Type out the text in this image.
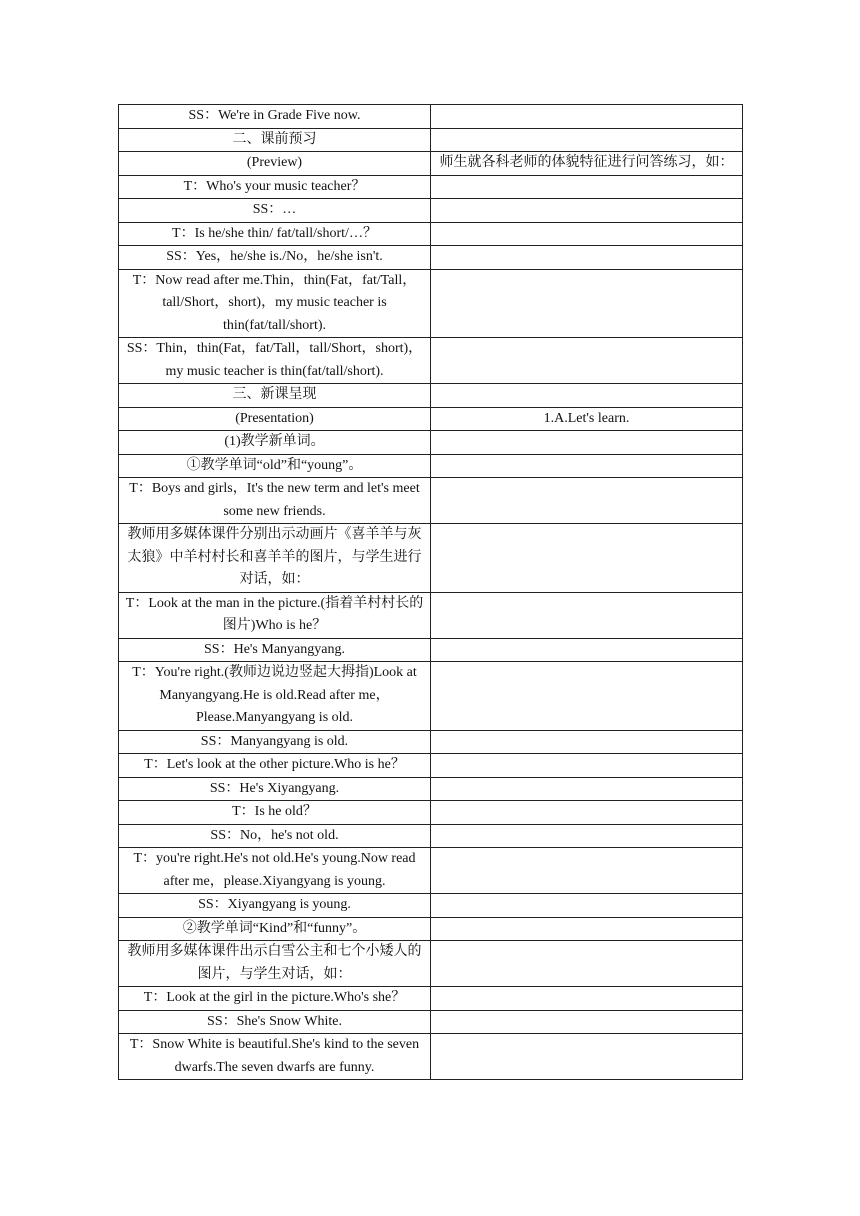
SS：We're in Grade Five now.	
二、课前预习	
(Preview)	师生就各科老师的体貌特征进行问答练习，如：
T：Who's your music teacher？	
SS：…	
T：Is he/she thin/ fat/tall/short/…？	
SS：Yes，he/she is./No，he/she isn't.	
T：Now read after me.Thin，thin(Fat，fat/Tall，tall/Short，short)，my music teacher is thin(fat/tall/short).	
SS：Thin，thin(Fat，fat/Tall，tall/Short，short)，my music teacher is thin(fat/tall/short).	
三、新课呈现	
(Presentation)	1.A.Let's learn.
(1)教学新单词。	
①教学单词“old”和“young”。	
T：Boys and girls，It's the new term and let's meet some new friends.	
教师用多媒体课件分别出示动画片《喜羊羊与灰太狼》中羊村村长和喜羊羊的图片，与学生进行对话，如：	
T：Look at the man in the picture.(指着羊村村长的图片)Who is he？	
SS：He's Manyangyang.	
T：You're right.(教师边说边竖起大拇指)Look at Manyangyang.He is old.Read after me，Please.Manyangyang is old.	
SS：Manyangyang is old.	
T：Let's look at the other picture.Who is he？	
SS：He's Xiyangyang.	
T：Is he old？	
SS：No，he's not old.	
T：you're right.He's not old.He's young.Now read after me，please.Xiyangyang is young.	
SS：Xiyangyang is young.	
②教学单词“Kind”和“funny”。	
教师用多媒体课件出示白雪公主和七个小矮人的图片，与学生对话，如：	
T：Look at the girl in the picture.Who's she？	
SS：She's Snow White.	
T：Snow White is beautiful.She's kind to the seven dwarfs.The seven dwarfs are funny.	
